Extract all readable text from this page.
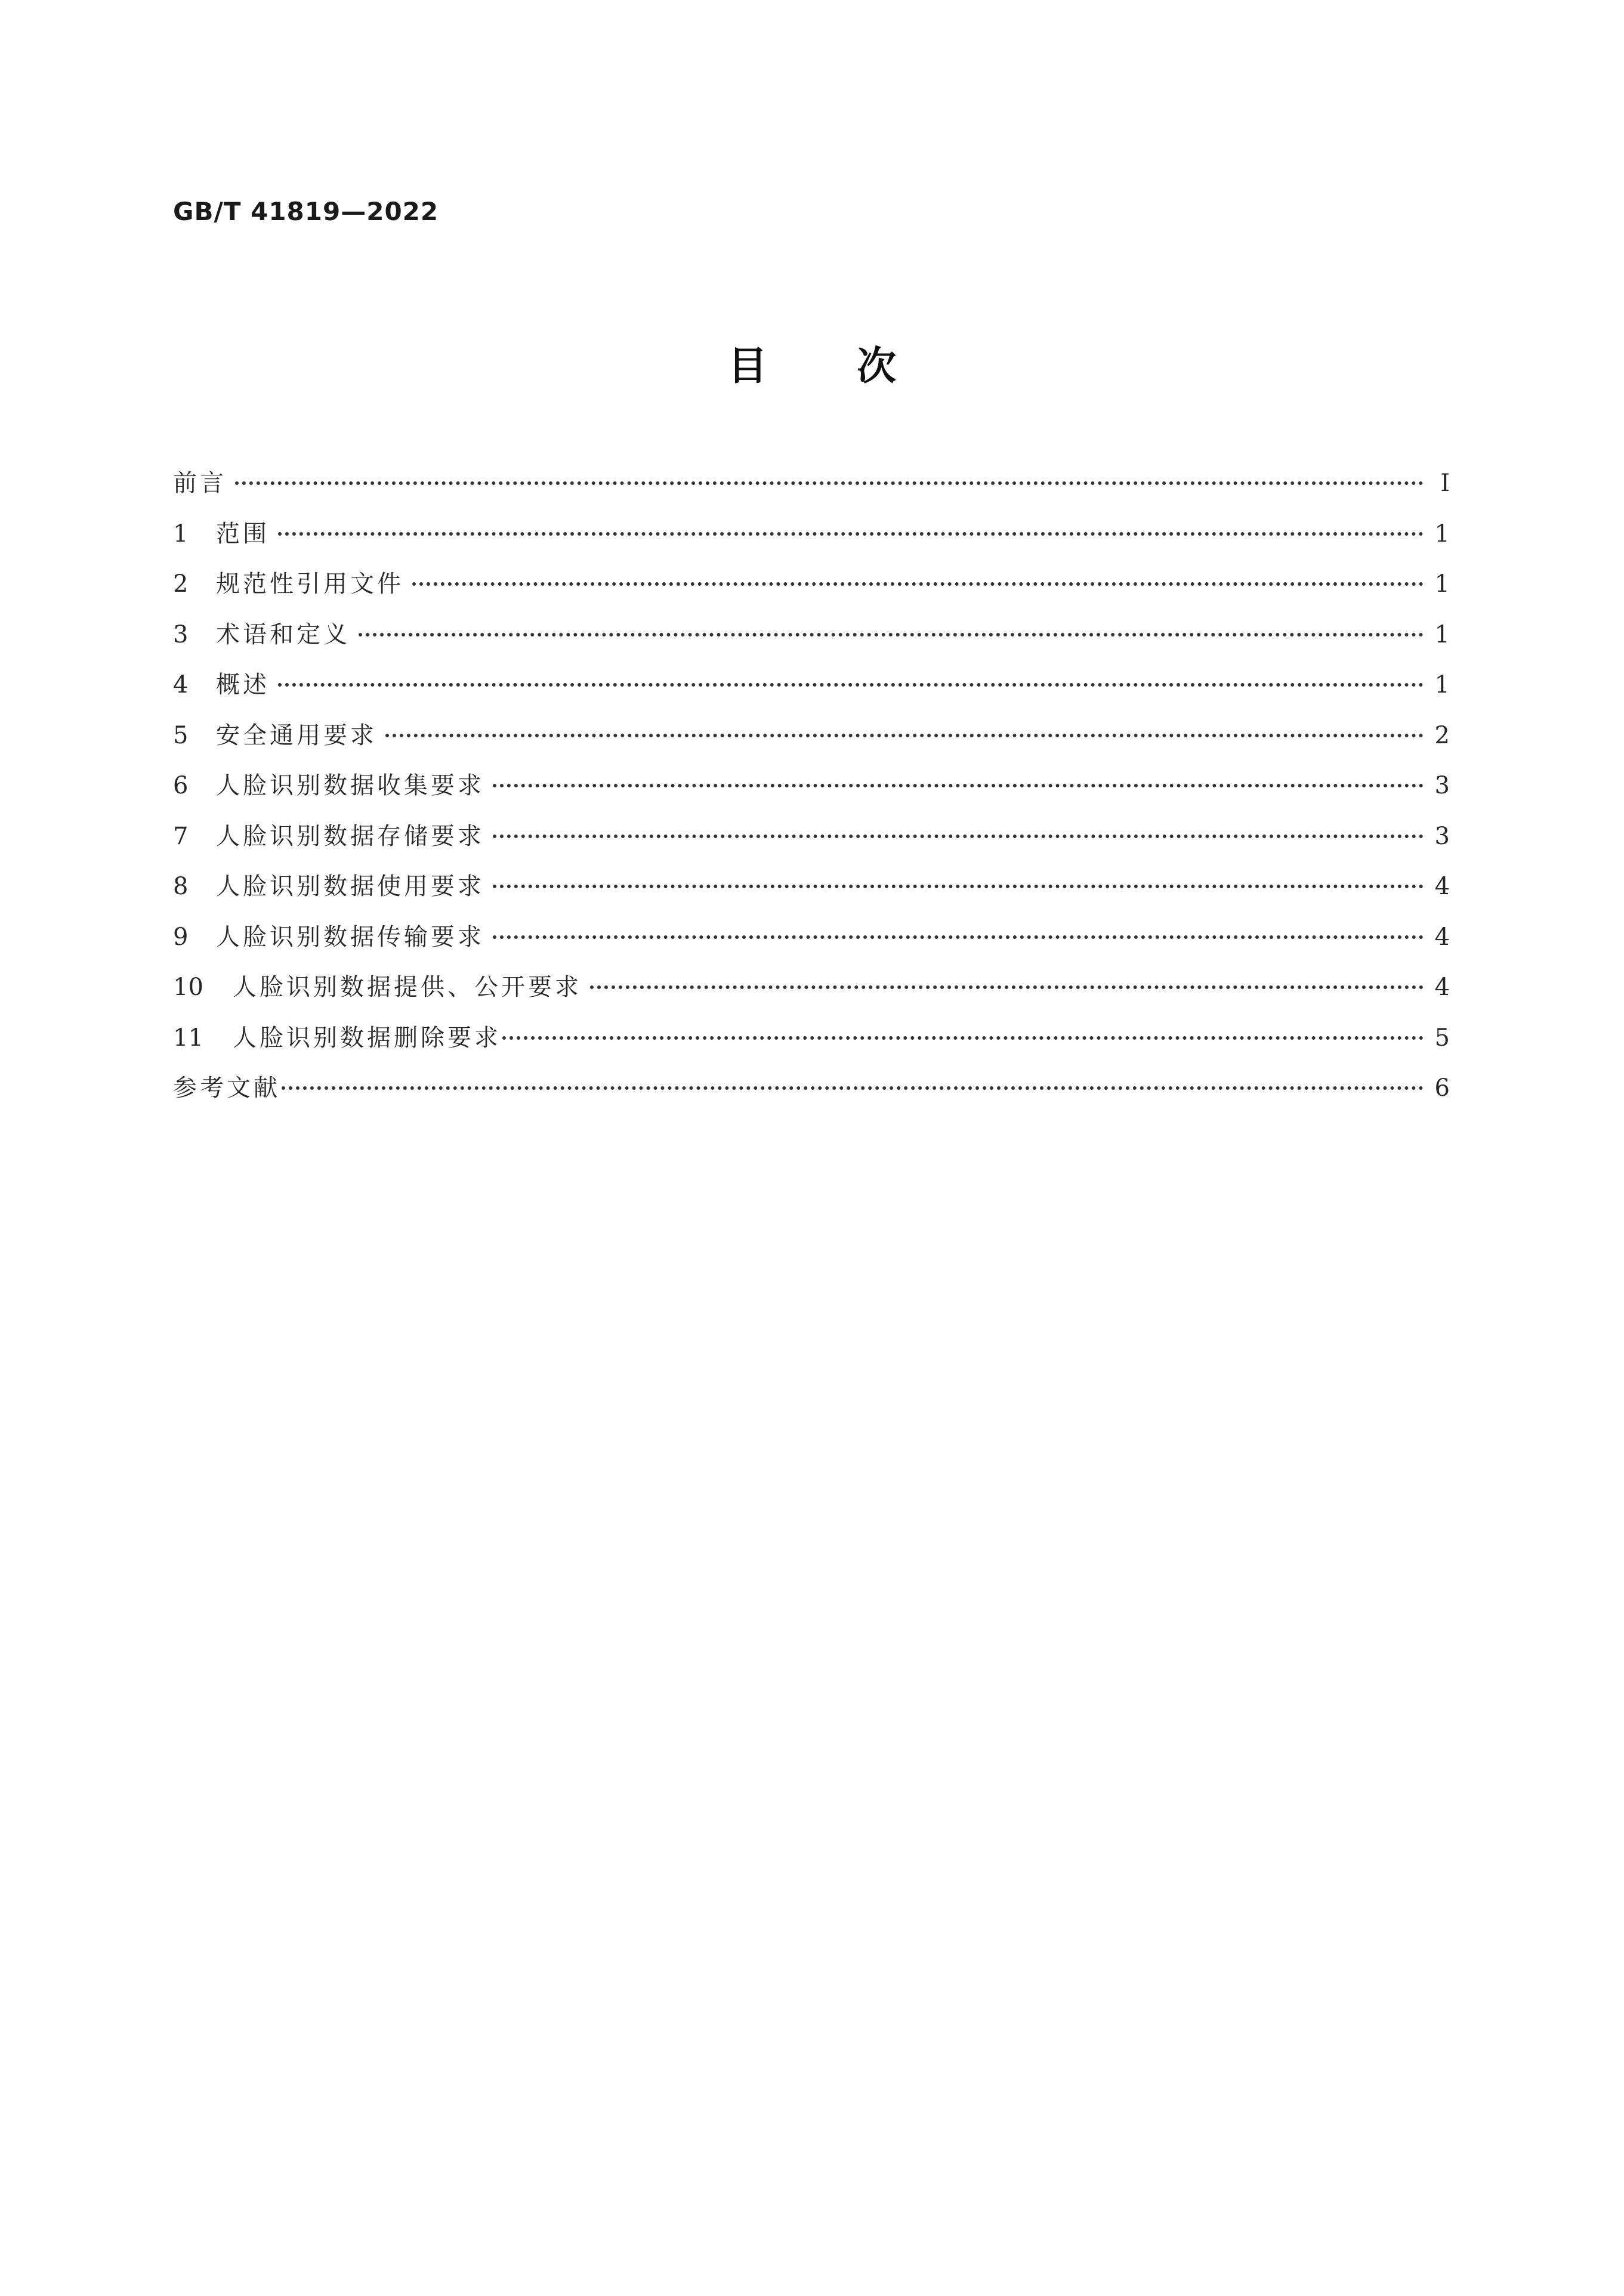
GB/T 41819—2022
目次
前言	Ⅰ
1	范围	1
2	规范性引用文件	1
3	术语和定义	1
4	概述	1
5	安全通用要求	2
6	人脸识别数据收集要求	3
7	人脸识别数据存储要求	3
8	人脸识别数据使用要求	4
9	人脸识别数据传输要求	4
10	人脸识别数据提供、公开要求	4
11	人脸识别数据删除要求	5
参考文献	6
